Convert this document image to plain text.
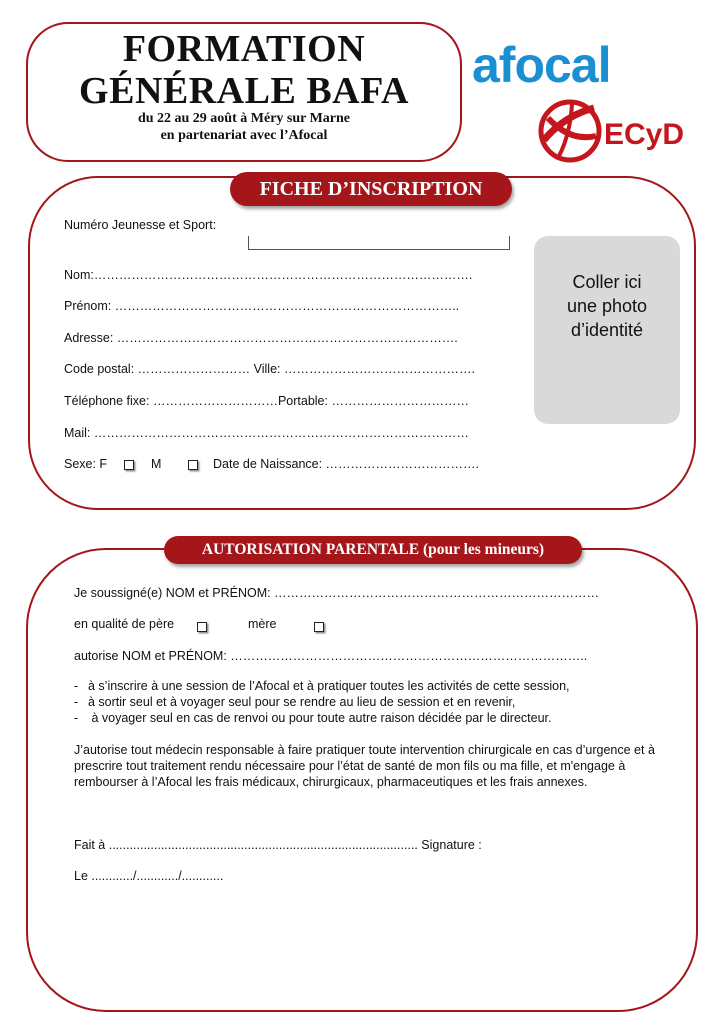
FORMATION
GÉNÉRALE BAFA
du 22 au 29 août à Méry sur Marne
en partenariat avec l’Afocal
afocal
ECyD
FICHE D’INSCRIPTION
Numéro Jeunesse et Sport:
Nom:……………………………………………………………………………….
Prénom: ………………………………………………………………………..
Adresse: ……………………………………………………………………….
Code postal: ……………………… Ville: ……………………………………….
Téléphone fixe: …………………………Portable: ……………………………
Mail: ………………………………………………………………………………
Sexe: F	M	Date de Naissance: ……………………………….
Coller ici
une photo
d’identité
AUTORISATION PARENTALE (pour les mineurs)
Je soussigné(e) NOM et PRÉNOM: ……………………………………………………………………
en qualité de père	mère
autorise NOM et PRÉNOM: …………………………………………………………………………..
- à s’inscrire à une session de l’Afocal et à pratiquer toutes les activités de cette session,
- à sortir seul et à voyager seul pour se rendre au lieu de session et en revenir,
- à voyager seul en cas de renvoi ou pour toute autre raison décidée par le directeur.
J’autorise tout médecin responsable à faire pratiquer toute intervention chirurgicale en cas d’urgence et à prescrire tout traitement rendu nécessaire pour l’état de santé de mon fils ou ma fille, et m'engage à rembourser à l’Afocal les frais médicaux, chirurgicaux, pharmaceutiques et les frais annexes.
Fait à ......................................................................................... Signature :
Le ............/............/............
